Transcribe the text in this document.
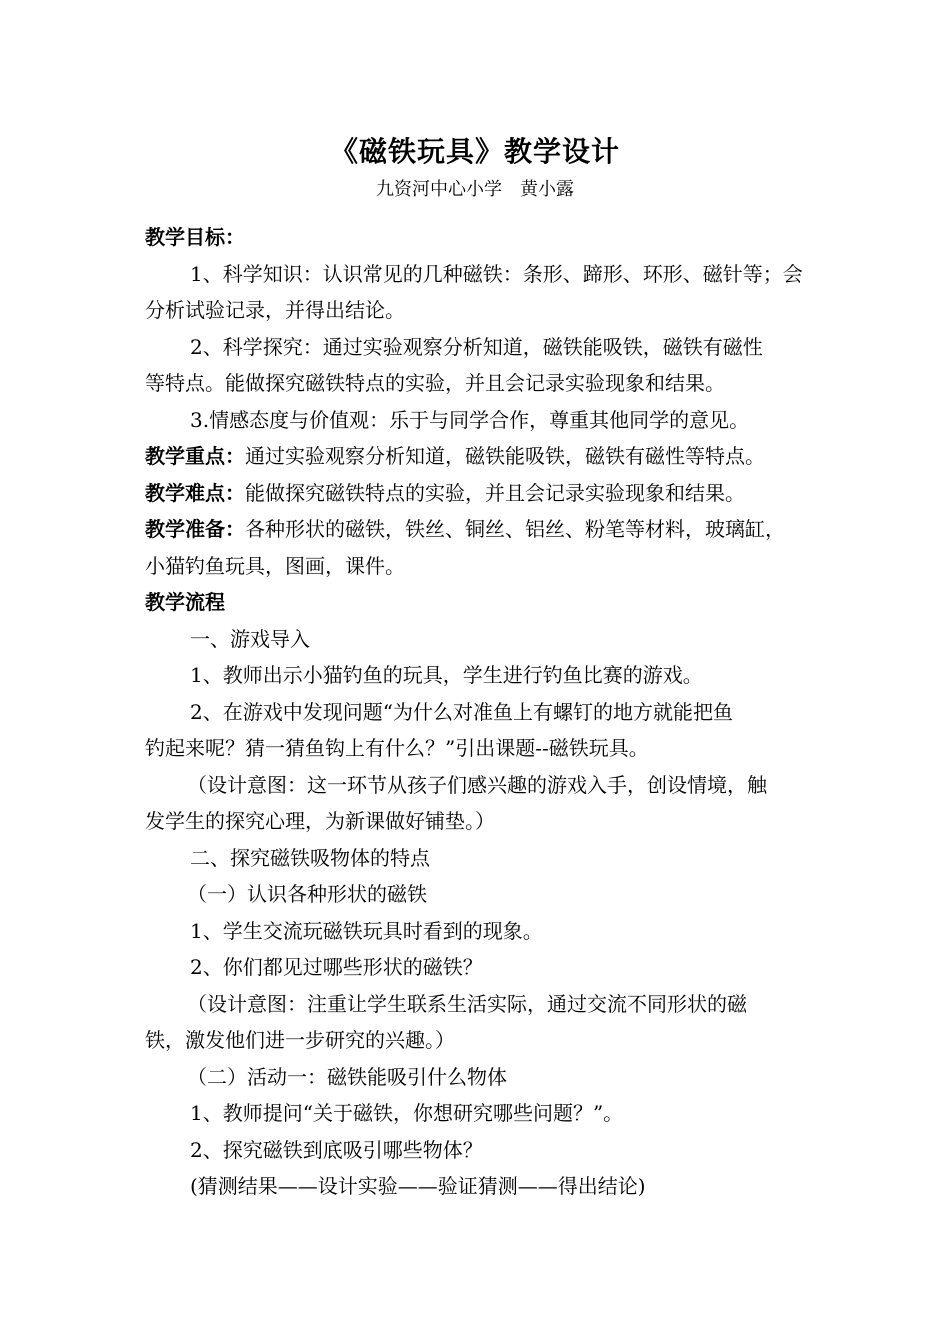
《磁铁玩具》教学设计
九资河中心小学　黄小露
教学目标：
1、科学知识：认识常见的几种磁铁：条形、蹄形、环形、磁针等；会
分析试验记录，并得出结论。
2、科学探究：通过实验观察分析知道，磁铁能吸铁，磁铁有磁性
等特点。能做探究磁铁特点的实验，并且会记录实验现象和结果。
3.情感态度与价值观：乐于与同学合作，尊重其他同学的意见。
教学重点：通过实验观察分析知道，磁铁能吸铁，磁铁有磁性等特点。
教学难点：能做探究磁铁特点的实验，并且会记录实验现象和结果。
教学准备：各种形状的磁铁，铁丝、铜丝、铝丝、粉笔等材料，玻璃缸，
小猫钓鱼玩具，图画，课件。
教学流程
一、游戏导入
1、教师出示小猫钓鱼的玩具，学生进行钓鱼比赛的游戏。
2、在游戏中发现问题“为什么对准鱼上有螺钉的地方就能把鱼
钓起来呢？猜一猜鱼钩上有什么？”引出课题--磁铁玩具。
（设计意图：这一环节从孩子们感兴趣的游戏入手，创设情境，触
发学生的探究心理，为新课做好铺垫。）
二、探究磁铁吸物体的特点
（一）认识各种形状的磁铁
1、学生交流玩磁铁玩具时看到的现象。
2、你们都见过哪些形状的磁铁？
（设计意图：注重让学生联系生活实际，通过交流不同形状的磁
铁，激发他们进一步研究的兴趣。）
（二）活动一：磁铁能吸引什么物体
1、教师提问“关于磁铁，你想研究哪些问题？”。
2、探究磁铁到底吸引哪些物体？
(猜测结果——设计实验——验证猜测——得出结论)
